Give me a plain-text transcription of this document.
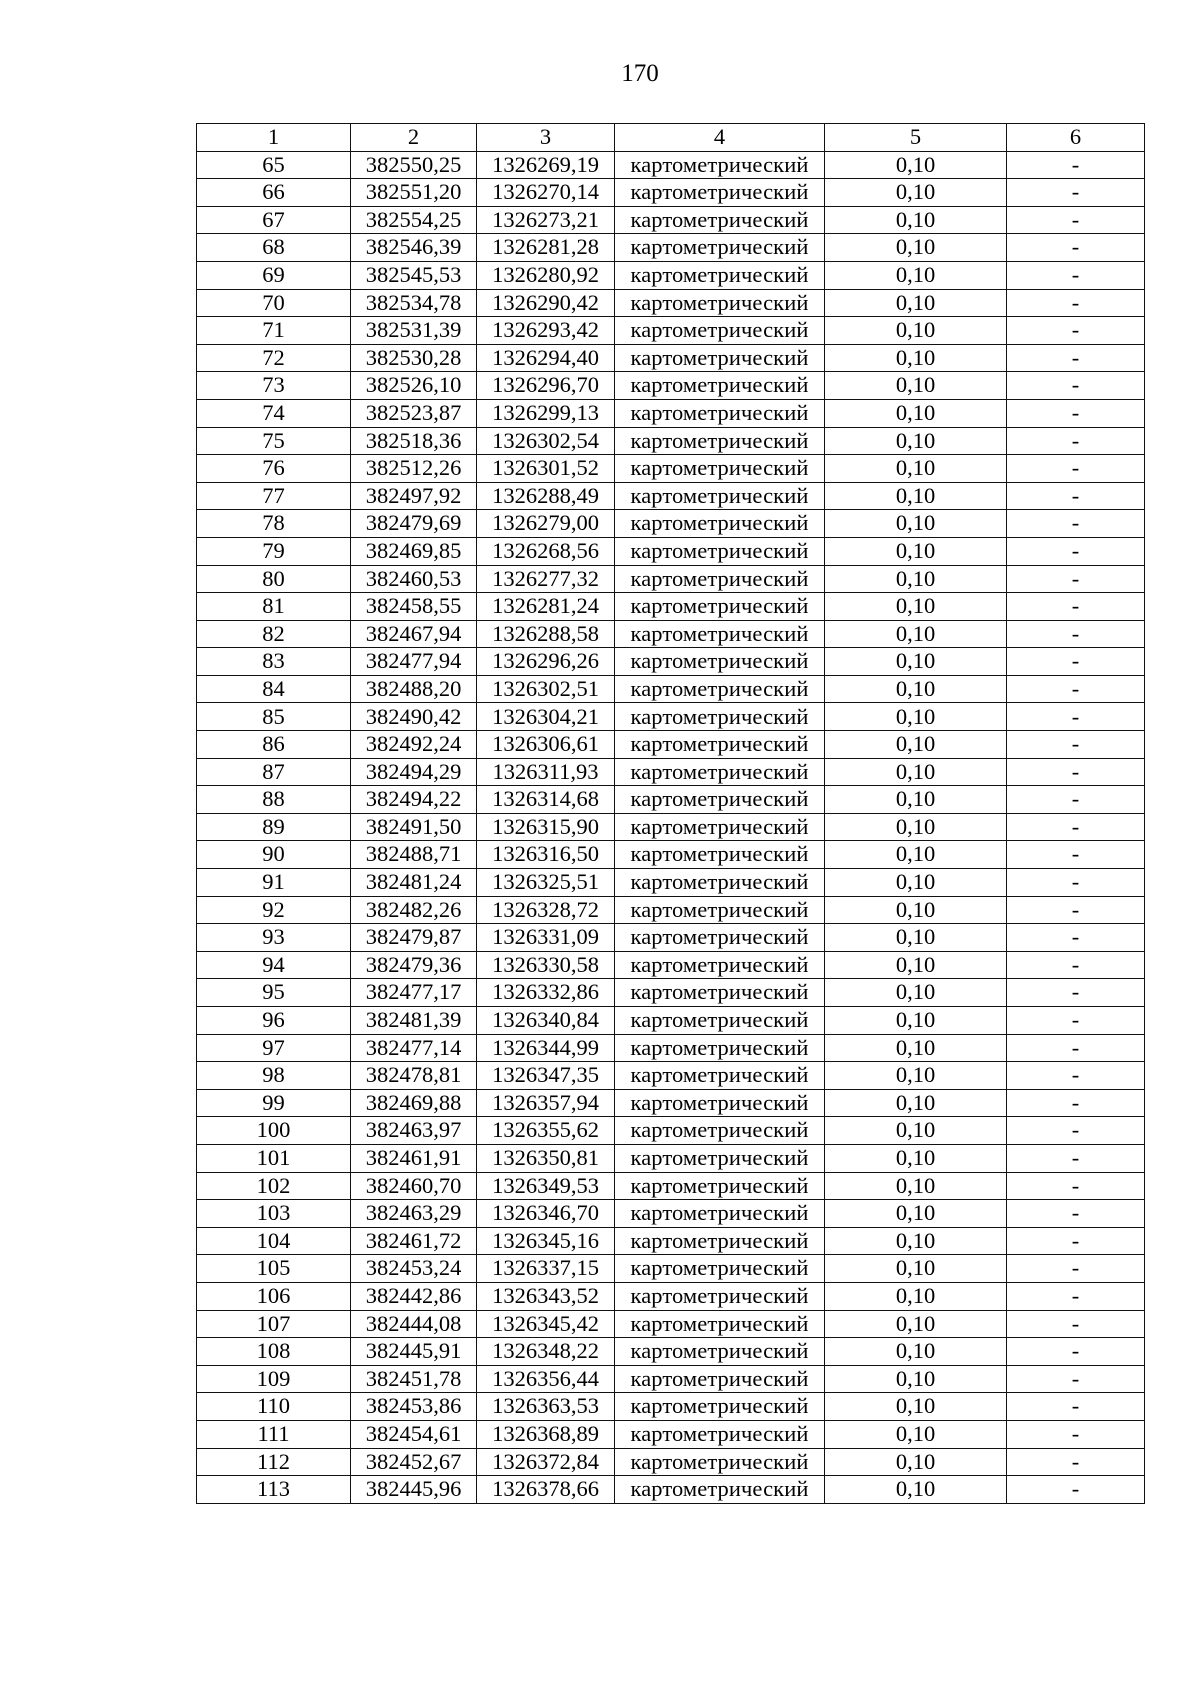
170
1	2	3	4	5	6
65	382550,25	1326269,19	картометрический	0,10	-
66	382551,20	1326270,14	картометрический	0,10	-
67	382554,25	1326273,21	картометрический	0,10	-
68	382546,39	1326281,28	картометрический	0,10	-
69	382545,53	1326280,92	картометрический	0,10	-
70	382534,78	1326290,42	картометрический	0,10	-
71	382531,39	1326293,42	картометрический	0,10	-
72	382530,28	1326294,40	картометрический	0,10	-
73	382526,10	1326296,70	картометрический	0,10	-
74	382523,87	1326299,13	картометрический	0,10	-
75	382518,36	1326302,54	картометрический	0,10	-
76	382512,26	1326301,52	картометрический	0,10	-
77	382497,92	1326288,49	картометрический	0,10	-
78	382479,69	1326279,00	картометрический	0,10	-
79	382469,85	1326268,56	картометрический	0,10	-
80	382460,53	1326277,32	картометрический	0,10	-
81	382458,55	1326281,24	картометрический	0,10	-
82	382467,94	1326288,58	картометрический	0,10	-
83	382477,94	1326296,26	картометрический	0,10	-
84	382488,20	1326302,51	картометрический	0,10	-
85	382490,42	1326304,21	картометрический	0,10	-
86	382492,24	1326306,61	картометрический	0,10	-
87	382494,29	1326311,93	картометрический	0,10	-
88	382494,22	1326314,68	картометрический	0,10	-
89	382491,50	1326315,90	картометрический	0,10	-
90	382488,71	1326316,50	картометрический	0,10	-
91	382481,24	1326325,51	картометрический	0,10	-
92	382482,26	1326328,72	картометрический	0,10	-
93	382479,87	1326331,09	картометрический	0,10	-
94	382479,36	1326330,58	картометрический	0,10	-
95	382477,17	1326332,86	картометрический	0,10	-
96	382481,39	1326340,84	картометрический	0,10	-
97	382477,14	1326344,99	картометрический	0,10	-
98	382478,81	1326347,35	картометрический	0,10	-
99	382469,88	1326357,94	картометрический	0,10	-
100	382463,97	1326355,62	картометрический	0,10	-
101	382461,91	1326350,81	картометрический	0,10	-
102	382460,70	1326349,53	картометрический	0,10	-
103	382463,29	1326346,70	картометрический	0,10	-
104	382461,72	1326345,16	картометрический	0,10	-
105	382453,24	1326337,15	картометрический	0,10	-
106	382442,86	1326343,52	картометрический	0,10	-
107	382444,08	1326345,42	картометрический	0,10	-
108	382445,91	1326348,22	картометрический	0,10	-
109	382451,78	1326356,44	картометрический	0,10	-
110	382453,86	1326363,53	картометрический	0,10	-
111	382454,61	1326368,89	картометрический	0,10	-
112	382452,67	1326372,84	картометрический	0,10	-
113	382445,96	1326378,66	картометрический	0,10	-
